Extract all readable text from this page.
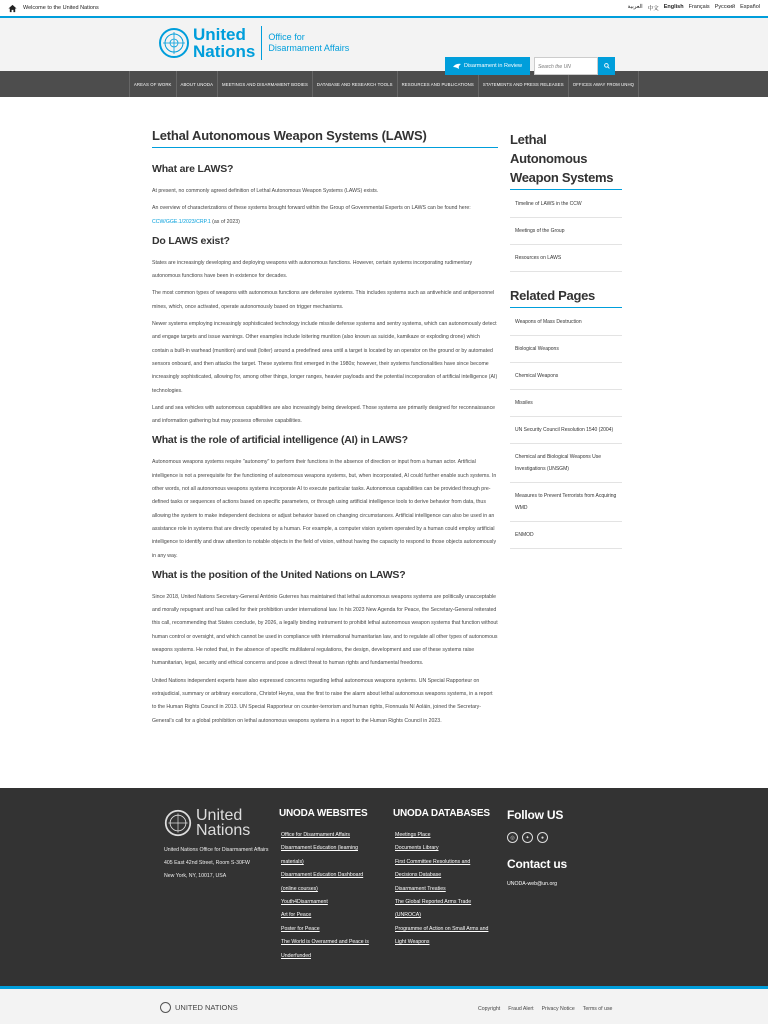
Welcome to the United Nations	العربية 中文 English Français Русский Español
United
Nations
Office for
Disarmament Affairs
Disarmament in Review	Search the UN
AREAS OF WORK	ABOUT UNODA	MEETINGS AND DISARMAMENT BODIES	DATABASE AND RESEARCH TOOLS	RESOURCES AND PUBLICATIONS	STATEMENTS AND PRESS RELEASES	OFFICES AWAY FROM UNHQ
Lethal Autonomous Weapon Systems (LAWS)
What are LAWS?

At present, no commonly agreed definition of Lethal Autonomous Weapon Systems (LAWS) exists.

An overview of characterizations of these systems brought forward within the Group of Governmental Experts on LAWS can be found here: CCW/GGE.1/2023/CRP.1 (as of 2023)

Do LAWS exist?

States are increasingly developing and deploying weapons with autonomous functions. However, certain systems incorporating rudimentary autonomous functions have been in existence for decades.

The most common types of weapons with autonomous functions are defensive systems. This includes systems such as antivehicle and antipersonnel mines, which, once activated, operate autonomously based on trigger mechanisms.

Newer systems employing increasingly sophisticated technology include missile defense systems and sentry systems, which can autonomously detect and engage targets and issue warnings. Other examples include loitering munition (also known as suicide, kamikaze or exploding drone) which contain a built-in warhead (munition) and wait (loiter) around a predefined area until a target is located by an operator on the ground or by automated sensors onboard, and then attacks the target. These systems first emerged in the 1980s; however, their systems functionalities have since become increasingly sophisticated, allowing for, among other things, longer ranges, heavier payloads and the potential incorporation of artificial intelligence (AI) technologies.

Land and sea vehicles with autonomous capabilities are also increasingly being developed. Those systems are primarily designed for reconnaissance and information gathering but may possess offensive capabilities.

What is the role of artificial intelligence (AI) in LAWS?

Autonomous weapons systems require "autonomy" to perform their functions in the absence of direction or input from a human actor. Artificial intelligence is not a prerequisite for the functioning of autonomous weapons systems, but, when incorporated, AI could further enable such systems. In other words, not all autonomous weapons systems incorporate AI to execute particular tasks. Autonomous capabilities can be provided through pre-defined tasks or sequences of actions based on specific parameters, or through using artificial intelligence tools to derive behavior from data, thus allowing the system to make independent decisions or adjust behavior based on changing circumstances. Artificial intelligence can also be used in an assistance role in systems that are directly operated by a human. For example, a computer vision system operated by a human could employ artificial intelligence to identify and draw attention to notable objects in the field of vision, without having the capacity to respond to those objects autonomously in any way.

What is the position of the United Nations on LAWS?

Since 2018, United Nations Secretary-General António Guterres has maintained that lethal autonomous weapons systems are politically unacceptable and morally repugnant and has called for their prohibition under international law. In his 2023 New Agenda for Peace, the Secretary-General reiterated this call, recommending that States conclude, by 2026, a legally binding instrument to prohibit lethal autonomous weapon systems that function without human control or oversight, and which cannot be used in compliance with international humanitarian law, and to regulate all other types of autonomous weapons systems. He noted that, in the absence of specific multilateral regulations, the design, development and use of these systems raise humanitarian, legal, security and ethical concerns and pose a direct threat to human rights and fundamental freedoms.

United Nations independent experts have also expressed concerns regarding lethal autonomous weapons systems. UN Special Rapporteur on extrajudicial, summary or arbitrary executions, Christof Heyns, was the first to raise the alarm about lethal autonomous weapons systems, in a report to the Human Rights Council in 2013. UN Special Rapporteur on counter-terrorism and human rights, Fionnuala Ní Aoláin, joined the Secretary-General's call for a global prohibition on lethal autonomous weapons systems in a report to the Human Rights Council in 2023.

Lethal Autonomous Weapon Systems
Timeline of LAWS in the CCW
Meetings of the Group
Resources on LAWS
Related Pages
Weapons of Mass Destruction
Biological Weapons
Chemical Weapons
Missiles
UN Security Council Resolution 1540 (2004)
Chemical and Biological Weapons Use Investigations (UNSGM)
Measures to Prevent Terrorists from Acquiring WMD
ENMOD
United
Nations
United Nations Office for Disarmament Affairs
405 East 42nd Street, Room S-30FW
New York, NY, 10017, USA
UNODA WEBSITES
Office for Disarmament Affairs
Disarmament Education (learning materials)
Disarmament Education Dashboard (online courses)
Youth4Disarmament
Art for Peace
Poster for Peace
The World is Overarmed and Peace is Underfunded
UNODA DATABASES
Meetings Place
Documents Library
First Committee Resolutions and Decisions Database
Disarmament Treaties
The Global Reported Arms Trade (UNROCA)
Programme of Action on Small Arms and Light Weapons
Follow US
◎	✦	●
Contact us
UNODA-web@un.org
UNITED NATIONS	Copyright Fraud Alert Privacy Notice Terms of use
